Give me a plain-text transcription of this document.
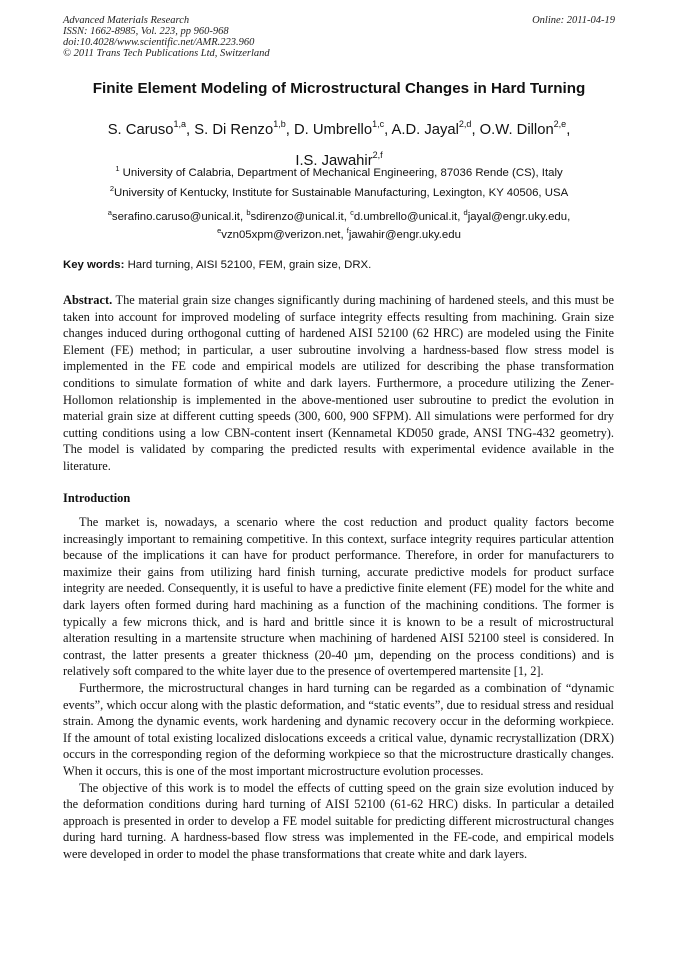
Advanced Materials Research
ISSN: 1662-8985, Vol. 223, pp 960-968
doi:10.4028/www.scientific.net/AMR.223.960
© 2011 Trans Tech Publications Ltd, Switzerland
Online: 2011-04-19
Finite Element Modeling of Microstructural Changes in Hard Turning
S. Caruso$^{1,a}$, S. Di Renzo$^{1,b}$, D. Umbrello$^{1,c}$, A.D. Jayal$^{2,d}$, O.W. Dillon$^{2,e}$,
I.S. Jawahir$^{2,f}$
$^1$ University of Calabria, Department of Mechanical Engineering, 87036 Rende (CS), Italy
$^2$University of Kentucky, Institute for Sustainable Manufacturing, Lexington, KY 40506, USA
$^a$serafino.caruso@unical.it, $^b$sdirenzo@unical.it, $^c$d.umbrello@unical.it, $^d$jayal@engr.uky.edu,
$^e$vzn05xpm@verizon.net, $^f$jawahir@engr.uky.edu
Key words: Hard turning, AISI 52100, FEM, grain size, DRX.

Abstract. The material grain size changes significantly during machining of hardened steels, and this must be taken into account for improved modeling of surface integrity effects resulting from machining. Grain size changes induced during orthogonal cutting of hardened AISI 52100 (62 HRC) are modeled using the Finite Element (FE) method; in particular, a user subroutine involving a hardness-based flow stress model is implemented in the FE code and empirical models are utilized for describing the phase transformation conditions to simulate formation of white and dark layers. Furthermore, a procedure utilizing the Zener-Hollomon relationship is implemented in the above-mentioned user subroutine to predict the evolution in material grain size at different cutting speeds (300, 600, 900 SFPM). All simulations were performed for dry cutting conditions using a low CBN-content insert (Kennametal KD050 grade, ANSI TNG-432 geometry). The model is validated by comparing the predicted results with experimental evidence available in the literature.

Introduction

The market is, nowadays, a scenario where the cost reduction and product quality factors become increasingly important to remaining competitive. In this context, surface integrity requires particular attention because of the implications it can have for product performance. Therefore, in order for manufacturers to maximize their gains from utilizing hard finish turning, accurate predictive models for product surface integrity are needed. Consequently, it is useful to have a predictive finite element (FE) model for the white and dark layers often formed during hard machining as a function of the machining conditions. The former is typically a few microns thick, and is hard and brittle since it is known to be a result of microstructural alteration resulting in a martensite structure when machining of hardened AISI 52100 steel is considered. In contrast, the latter presents a greater thickness (20-40 µm, depending on the process conditions) and is relatively soft compared to the white layer due to the presence of overtempered martensite [1, 2].

Furthermore, the microstructural changes in hard turning can be regarded as a combination of “dynamic events”, which occur along with the plastic deformation, and “static events”, due to residual stress and residual strain. Among the dynamic events, work hardening and dynamic recovery occur in the deforming workpiece. If the amount of total existing localized dislocations exceeds a critical value, dynamic recrystallization (DRX) occurs in the corresponding region of the deforming workpiece so that the microstructure drastically changes. When it occurs, this is one of the most important microstructure evolution processes.

The objective of this work is to model the effects of cutting speed on the grain size evolution induced by the deformation conditions during hard turning of AISI 52100 (61-62 HRC) disks. In particular a detailed approach is presented in order to develop a FE model suitable for predicting different microstructural changes during hard turning. A hardness-based flow stress was implemented in the FE-code, and empirical models were developed in order to model the phase transformations that create white and dark layers.
